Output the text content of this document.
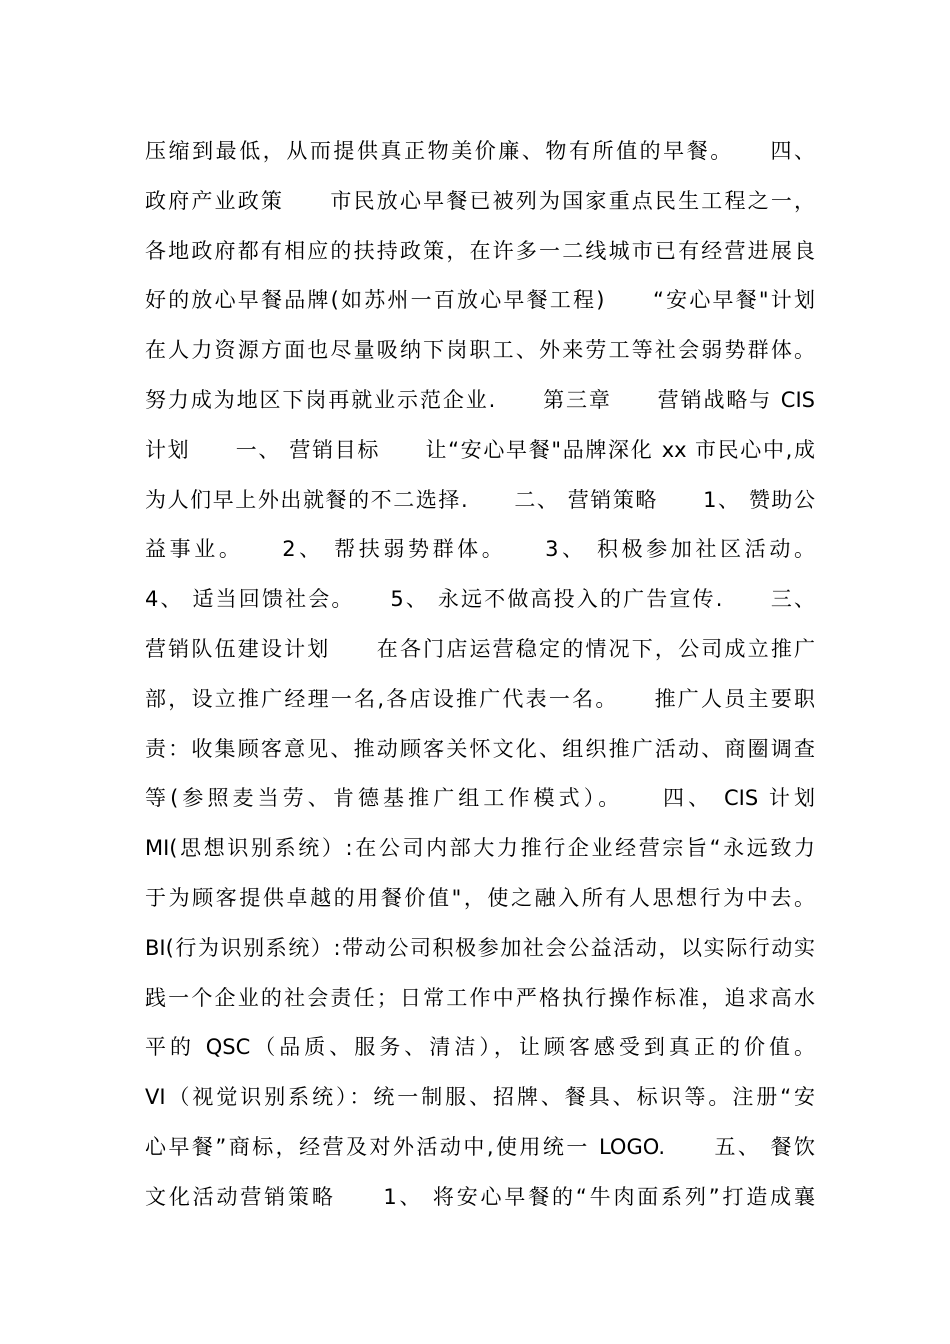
压缩到最低，从而提供真正物美价廉、物有所值的早餐。　　四、
政府产业政策　　市民放心早餐已被列为国家重点民生工程之一，
各地政府都有相应的扶持政策，在许多一二线城市已有经营进展良
好的放心早餐品牌(如苏州一百放心早餐工程)　　“安心早餐"计划
在人力资源方面也尽量吸纳下岗职工、外来劳工等社会弱势群体。
努力成为地区下岗再就业示范企业.　　第三章　　营销战略与 CIS
计划　　一、 营销目标　　让“安心早餐"品牌深化 xx 市民心中,成
为人们早上外出就餐的不二选择.　　二、 营销策略　　1、 赞助公
益事业。　　2、 帮扶弱势群体。　　3、 积极参加社区活动。
4、 适当回馈社会。　　5、 永远不做高投入的广告宣传.　　三、
营销队伍建设计划　　在各门店运营稳定的情况下，公司成立推广
部，设立推广经理一名,各店设推广代表一名。　　推广人员主要职
责：收集顾客意见、推动顾客关怀文化、组织推广活动、商圈调查
等(参照麦当劳、肯德基推广组工作模式）。　　四、 CIS 计划
MI(思想识别系统）:在公司内部大力推行企业经营宗旨“永远致力
于为顾客提供卓越的用餐价值"，使之融入所有人思想行为中去。
BI(行为识别系统）:带动公司积极参加社会公益活动，以实际行动实
践一个企业的社会责任；日常工作中严格执行操作标准，追求高水
平的 QSC（品质、服务、清洁），让顾客感受到真正的价值。
VI（视觉识别系统）：统一制服、招牌、餐具、标识等。注册“安
心早餐”商标，经营及对外活动中,使用统一 LOGO.　　五、 餐饮
文化活动营销策略　　1、 将安心早餐的“牛肉面系列”打造成襄
